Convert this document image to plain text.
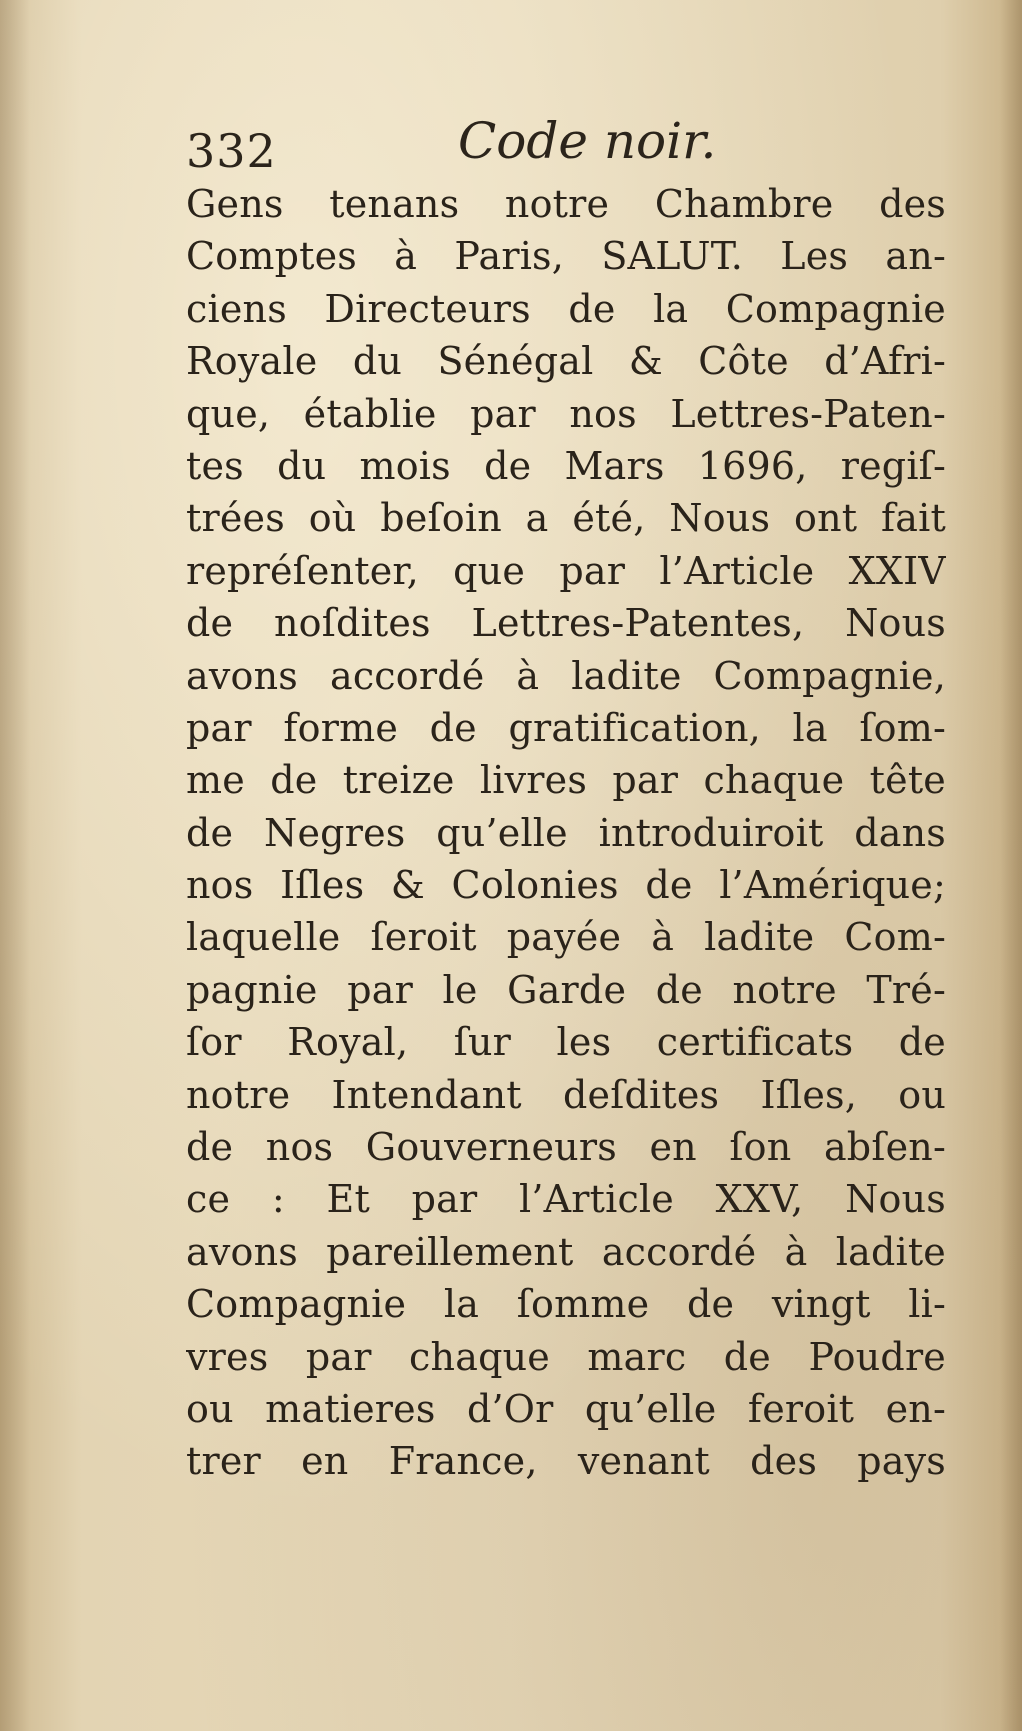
332	Code noir.
Gens tenans notre Chambre des
Comptes à Paris, SALUT. Les an-
ciens Directeurs de la Compagnie
Royale du Sénégal & Côte d’Afri-
que, établie par nos Lettres-Paten-
tes du mois de Mars 1696, regiſ-
trées où beſoin a été, Nous ont fait
repréſenter, que par l’Article XXIV
de noſdites Lettres-Patentes, Nous
avons accordé à ladite Compagnie,
par forme de gratification, la ſom-
me de treize livres par chaque tête
de Negres qu’elle introduiroit dans
nos Iſles & Colonies de l’Amérique;
laquelle ſeroit payée à ladite Com-
pagnie par le Garde de notre Tré-
ſor Royal, ſur les certificats de
notre Intendant deſdites Iſles, ou
de nos Gouverneurs en ſon abſen-
ce : Et par l’Article XXV, Nous
avons pareillement accordé à ladite
Compagnie la ſomme de vingt li-
vres par chaque marc de Poudre
ou matieres d’Or qu’elle feroit en-
trer en France, venant des pays
